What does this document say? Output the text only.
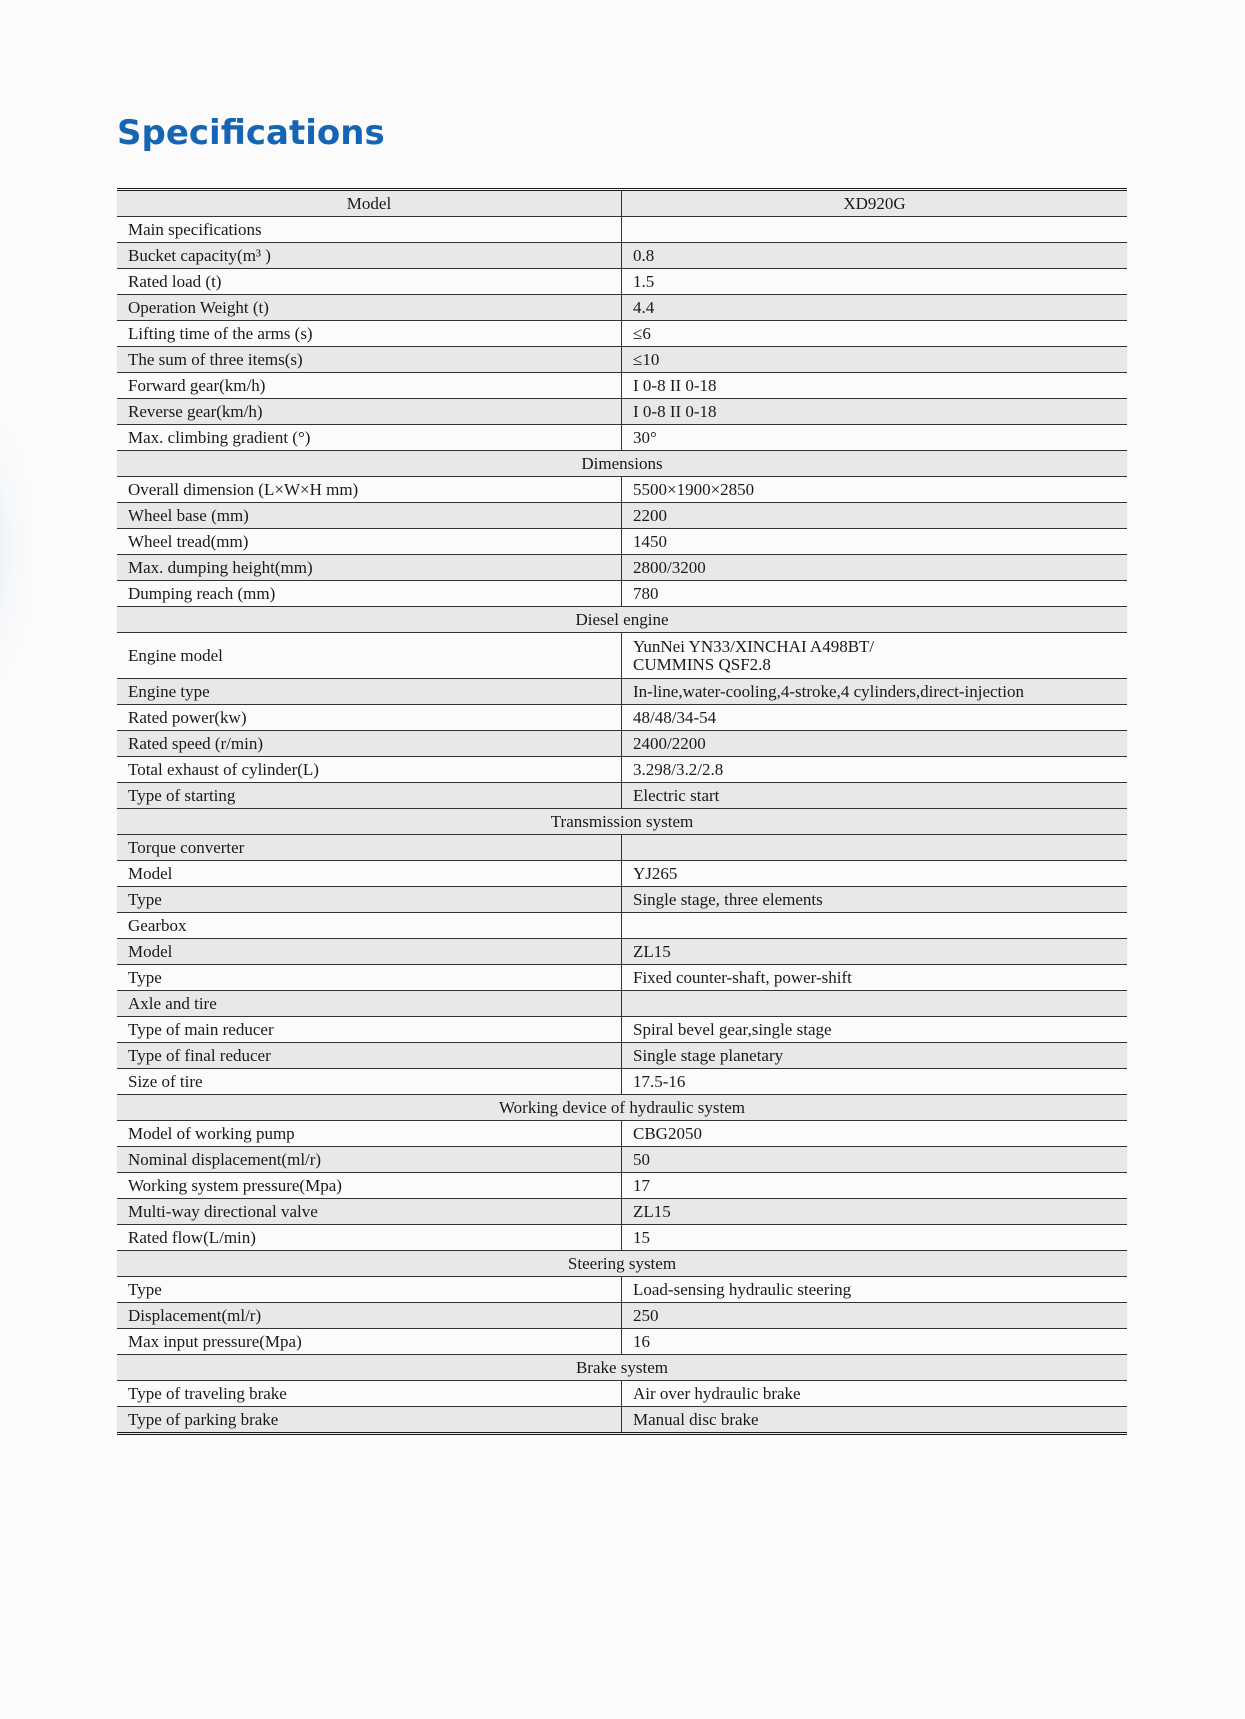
Specifications
Model	XD920G
Main specifications	
Bucket capacity(m³ )	0.8
Rated load (t)	1.5
Operation Weight (t)	4.4
Lifting time of the arms (s)	≤6
The sum of three items(s)	≤10
Forward gear(km/h)	I 0-8 II 0-18
Reverse gear(km/h)	I 0-8 II 0-18
Max. climbing gradient (°)	30°
Dimensions	
Overall dimension (L×W×H mm)	5500×1900×2850
Wheel base (mm)	2200
Wheel tread(mm)	1450
Max. dumping height(mm)	2800/3200
Dumping reach (mm)	780
Diesel engine	
Engine model	YunNei YN33/XINCHAI A498BT/
CUMMINS QSF2.8

Engine type	In-line,water-cooling,4-stroke,4 cylinders,direct-injection
Rated power(kw)	48/48/34-54
Rated speed (r/min)	2400/2200
Total exhaust of cylinder(L)	3.298/3.2/2.8
Type of starting	Electric start
Transmission system	
Torque converter	
Model	YJ265
Type	Single stage, three elements
Gearbox	
Model	ZL15
Type	Fixed counter-shaft, power-shift
Axle and tire	
Type of main reducer	Spiral bevel gear,single stage
Type of final reducer	Single stage planetary
Size of tire	17.5-16
Working device of hydraulic system	
Model of working pump	CBG2050
Nominal displacement(ml/r)	50
Working system pressure(Mpa)	17
Multi-way directional valve	ZL15
Rated flow(L/min)	15
Steering system	
Type	Load-sensing hydraulic steering
Displacement(ml/r)	250
Max input pressure(Mpa)	16
Brake system	
Type of traveling brake	Air over hydraulic brake
Type of parking brake	Manual disc brake
